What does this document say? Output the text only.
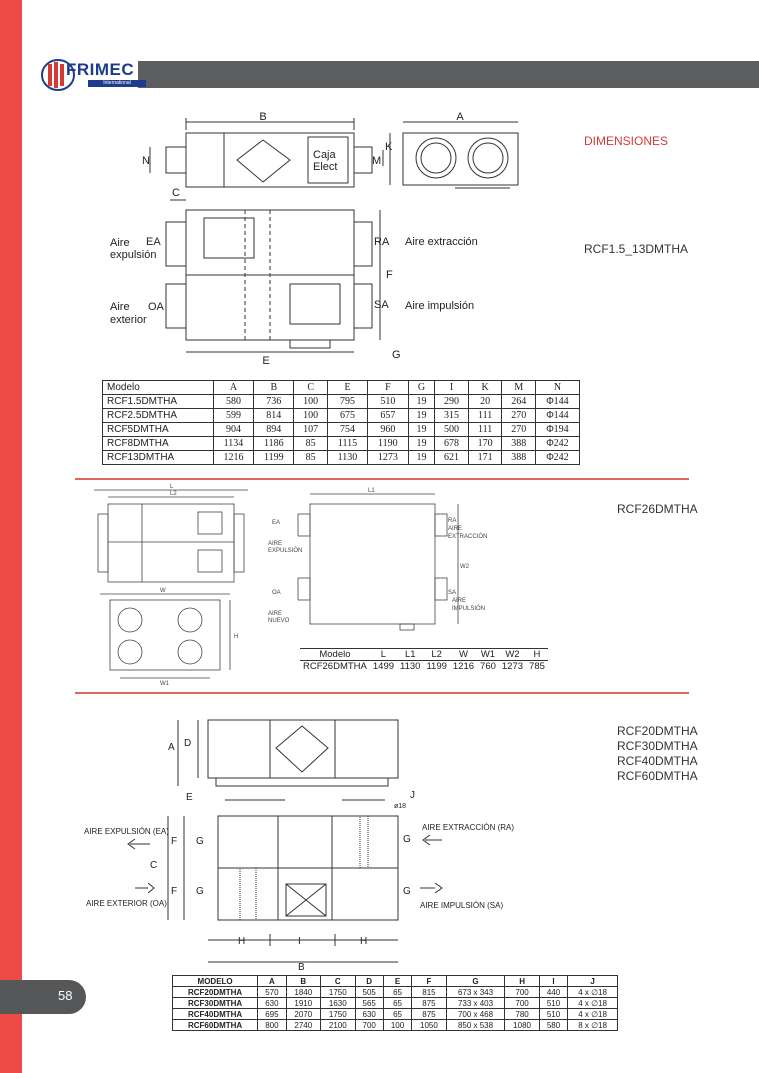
FRIMEC
International
58
DIMENSIONES
RCF1.5_13DMTHA
B	A
N	M
K
C
F
E	G
Caja
Elect
EA
OA
RA
SA
Aire
expulsión
Aire
exterior
Aire extracción
Aire impulsión
Modelo	A	B	C	E	F	G	I	K	M	N
RCF1.5DMTHA	580	736	100	795	510	19	290	20	264	Φ144
RCF2.5DMTHA	599	814	100	675	657	19	315	111	270	Φ144
RCF5DMTHA	904	894	107	754	960	19	500	111	270	Φ194
RCF8DMTHA	1134	1186	85	1115	1190	19	678	170	388	Φ242
RCF13DMTHA	1216	1199	85	1130	1273	19	621	171	388	Φ242
RCF26DMTHA
L
L2	L1
W
W1
H
W2
EA
AIRE
EXPULSIÓN
OA
AIRE
NUEVO
RA
AIRE
EXTRACCIÓN
SA
AIRE
IMPULSIÓN
Modelo	L	L1	L2	W	W1	W2	H
RCF26DMTHA	1499	1130	1199	1216	760	1273	785
RCF20DMTHA
RCF30DMTHA
RCF40DMTHA
RCF60DMTHA
A D
E	J
ø18
C
F
F
G
G
G
G
H	I	H
B
AIRE EXPULSIÓN (EA)
AIRE EXTERIOR (OA)
AIRE EXTRACCIÓN (RA)
AIRE IMPULSIÓN (SA)
MODELO	A	B	C	D	E	F	G	H	I	J
RCF20DMTHA	570	1840	1750	505	65	815	673 x 343	700	440	4 x ∅18
RCF30DMTHA	630	1910	1630	565	65	875	733 x 403	700	510	4 x ∅18
RCF40DMTHA	695	2070	1750	630	65	875	700 x 468	780	510	4 x ∅18
RCF60DMTHA	800	2740	2100	700	100	1050	850 x 538	1080	580	8 x ∅18
